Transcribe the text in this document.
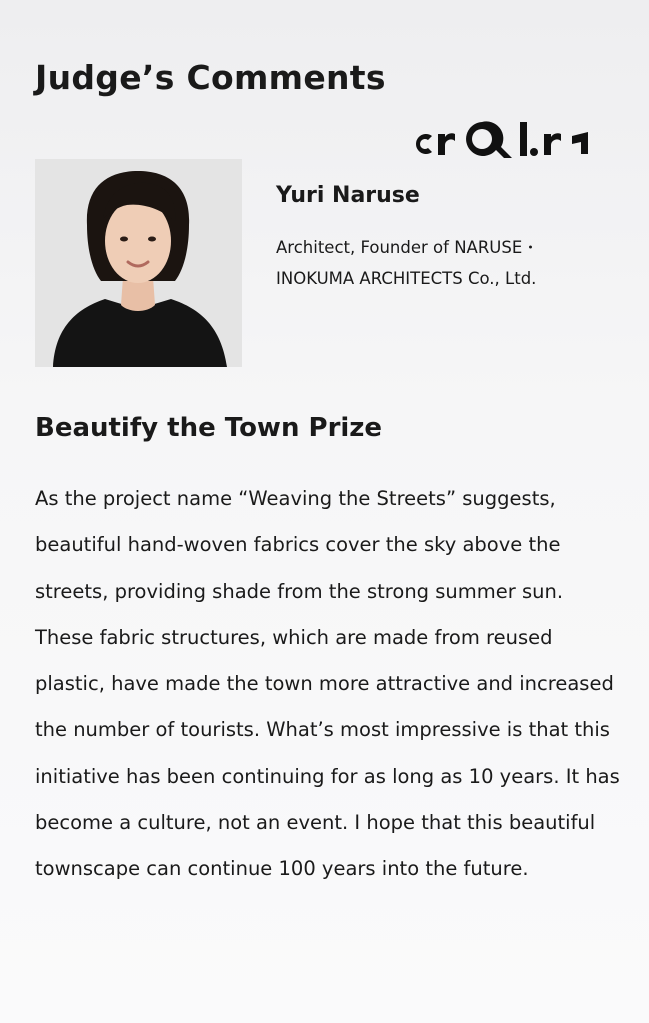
Judge’s Comments
Yuri Naruse
Architect, Founder of NARUSE・INOKUMA ARCHITECTS Co., Ltd.
Beautify the Town Prize

As the project name “Weaving the Streets” suggests, beautiful hand-woven fabrics cover the sky above the streets, providing shade from the strong summer sun. These fabric structures, which are made from reused plastic, have made the town more attractive and increased the number of tourists. What’s most impressive is that this initiative has been continuing for as long as 10 years. It has become a culture, not an event. I hope that this beautiful townscape can continue 100 years into the future.
